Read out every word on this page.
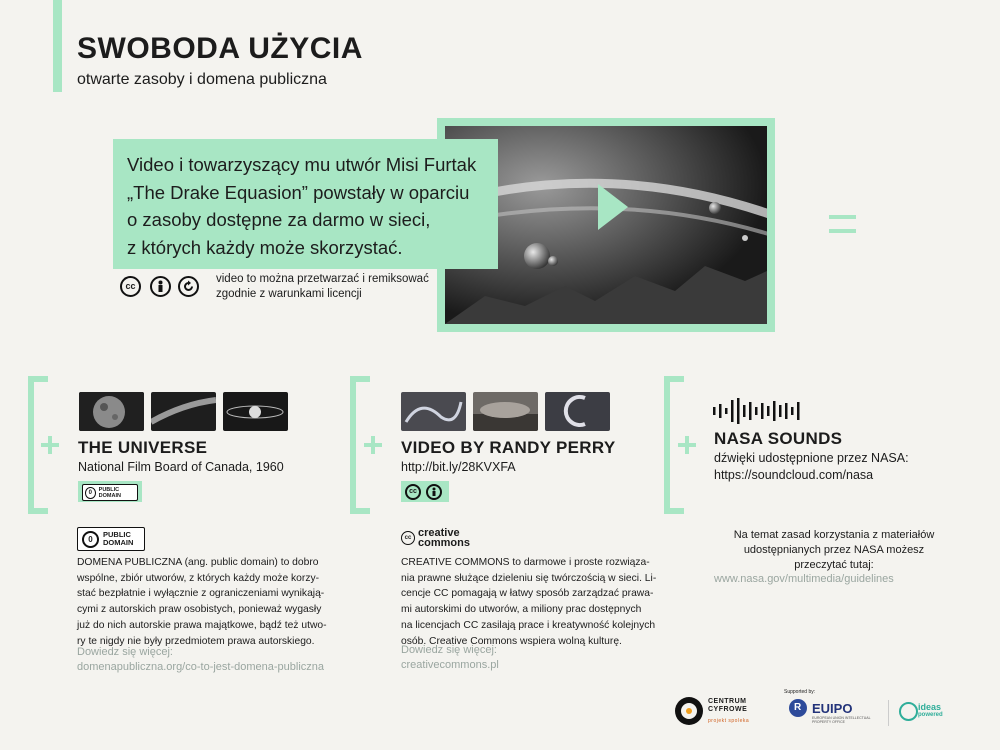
SWOBODA UŻYCIA
otwarte zasoby i domena publiczna
Video i towarzyszący mu utwór Misi Furtak
„The Drake Equasion” powstały w oparciu
o zasoby dostępne za darmo w sieci,
z których każdy może skorzystać.
cc
video to można przetwarzać i remiksować
zgodnie z warunkami licencji
THE UNIVERSE
National Film Board of Canada, 1960
0	PUBLIC DOMAIN
VIDEO BY RANDY PERRY
http://bit.ly/28KVXFA
cc
NASA SOUNDS
dźwięki udostępnione przez NASA:
https://soundcloud.com/nasa
0	PUBLIC DOMAIN
DOMENA PUBLICZNA (ang. public domain) to dobro
wspólne, zbiór utworów, z których każdy może korzy-
stać bezpłatnie i wyłącznie z ograniczeniami wynikają-
cymi z autorskich praw osobistych, ponieważ wygasły
już do nich autorskie prawa majątkowe, bądź też utwo-
ry te nigdy nie były przedmiotem prawa autorskiego.
Dowiedz się więcej:
domenapubliczna.org/co-to-jest-domena-publiczna
cc creative
commons
CREATIVE COMMONS to darmowe i proste rozwiąza-
nia prawne służące dzieleniu się twórczością w sieci. Li-
cencje CC pomagają w łatwy sposób zarządzać prawa-
mi autorskimi do utworów, a miliony prac dostępnych
na licencjach CC zasilają prace i kreatywność kolejnych
osób. Creative Commons wspiera wolną kulturę.
Dowiedz się więcej:
creativecommons.pl
Na temat zasad korzystania z materiałów
udostępnianych przez NASA możesz
przeczytać tutaj:
www.nasa.gov/multimedia/guidelines
CENTRUM
CYFROWE
projekt spoleka
Supported by:
R EUIPO
EUROPEAN UNION INTELLECTUAL PROPERTY OFFICE
ideas
powered
